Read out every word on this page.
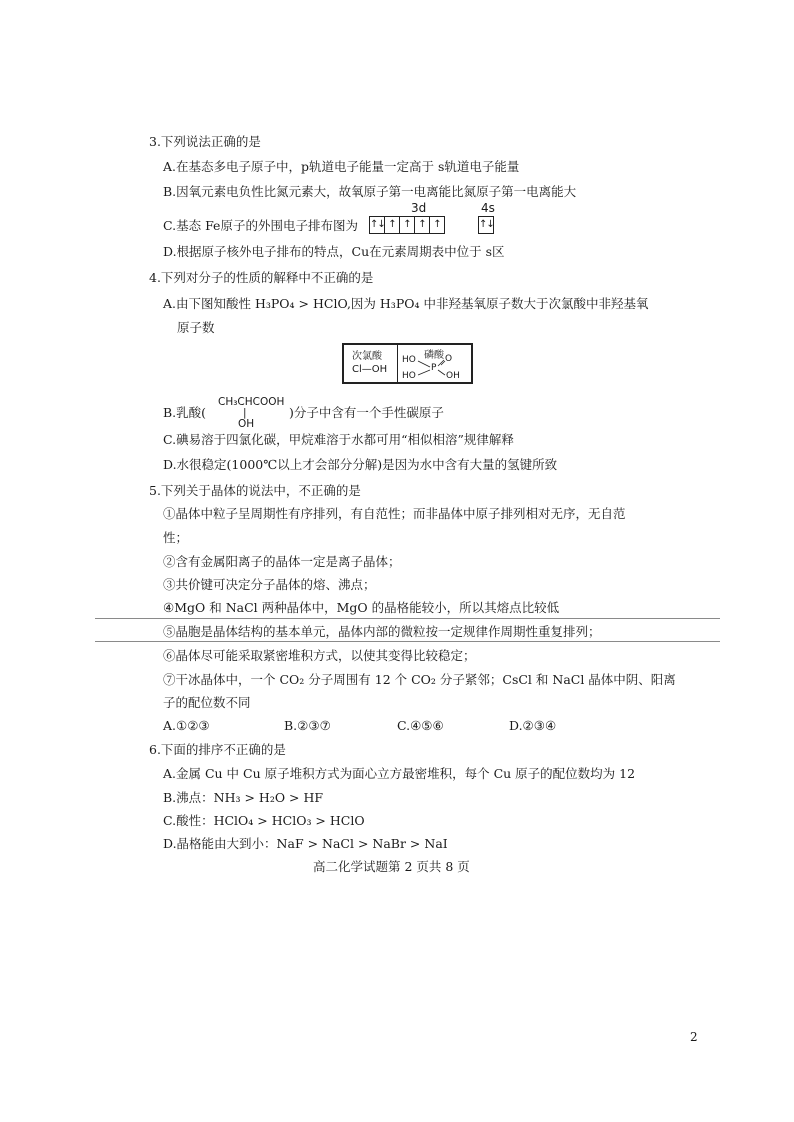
3.下列说法正确的是
A.在基态多电子原子中，p轨道电子能量一定高于 s轨道电子能量
B.因氧元素电负性比氮元素大，故氧原子第一电离能比氮原子第一电离能大
C.基态 Fe原子的外围电子排布图为
3d	4s
↑↓ ↑ ↑ ↑ ↑	↑↓
D.根据原子核外电子排布的特点，Cu在元素周期表中位于 s区
4.下列对分子的性质的解释中不正确的是
A.由下图知酸性 H₃PO₄ > HClO,因为 H₃PO₄ 中非羟基氧原子数大于次氯酸中非羟基氧
原子数
次氯酸
Cl—OH
磷酸
HO	O
P
HO	OH
B.乳酸(
CH₃CHCOOH
|
OH
)分子中含有一个手性碳原子
C.碘易溶于四氯化碳，甲烷难溶于水都可用“相似相溶”规律解释
D.水很稳定(1000℃以上才会部分分解)是因为水中含有大量的氢键所致
5.下列关于晶体的说法中，不正确的是
①晶体中粒子呈周期性有序排列，有自范性；而非晶体中原子排列相对无序，无自范
性；
②含有金属阳离子的晶体一定是离子晶体；
③共价键可决定分子晶体的熔、沸点；
④MgO 和 NaCl 两种晶体中，MgO 的晶格能较小，所以其熔点比较低
⑤晶胞是晶体结构的基本单元，晶体内部的微粒按一定规律作周期性重复排列；
⑥晶体尽可能采取紧密堆积方式，以使其变得比较稳定；
⑦干冰晶体中，一个 CO₂ 分子周围有 12 个 CO₂ 分子紧邻；CsCl 和 NaCl 晶体中阴、阳离
子的配位数不同
A.①②③	B.②③⑦	C.④⑤⑥	D.②③④
6.下面的排序不正确的是
A.金属 Cu 中 Cu 原子堆积方式为面心立方最密堆积，每个 Cu 原子的配位数均为 12
B.沸点：NH₃ > H₂O > HF
C.酸性：HClO₄ > HClO₃ > HClO
D.晶格能由大到小：NaF > NaCl > NaBr > NaI
高二化学试题第 2 页共 8 页
2
